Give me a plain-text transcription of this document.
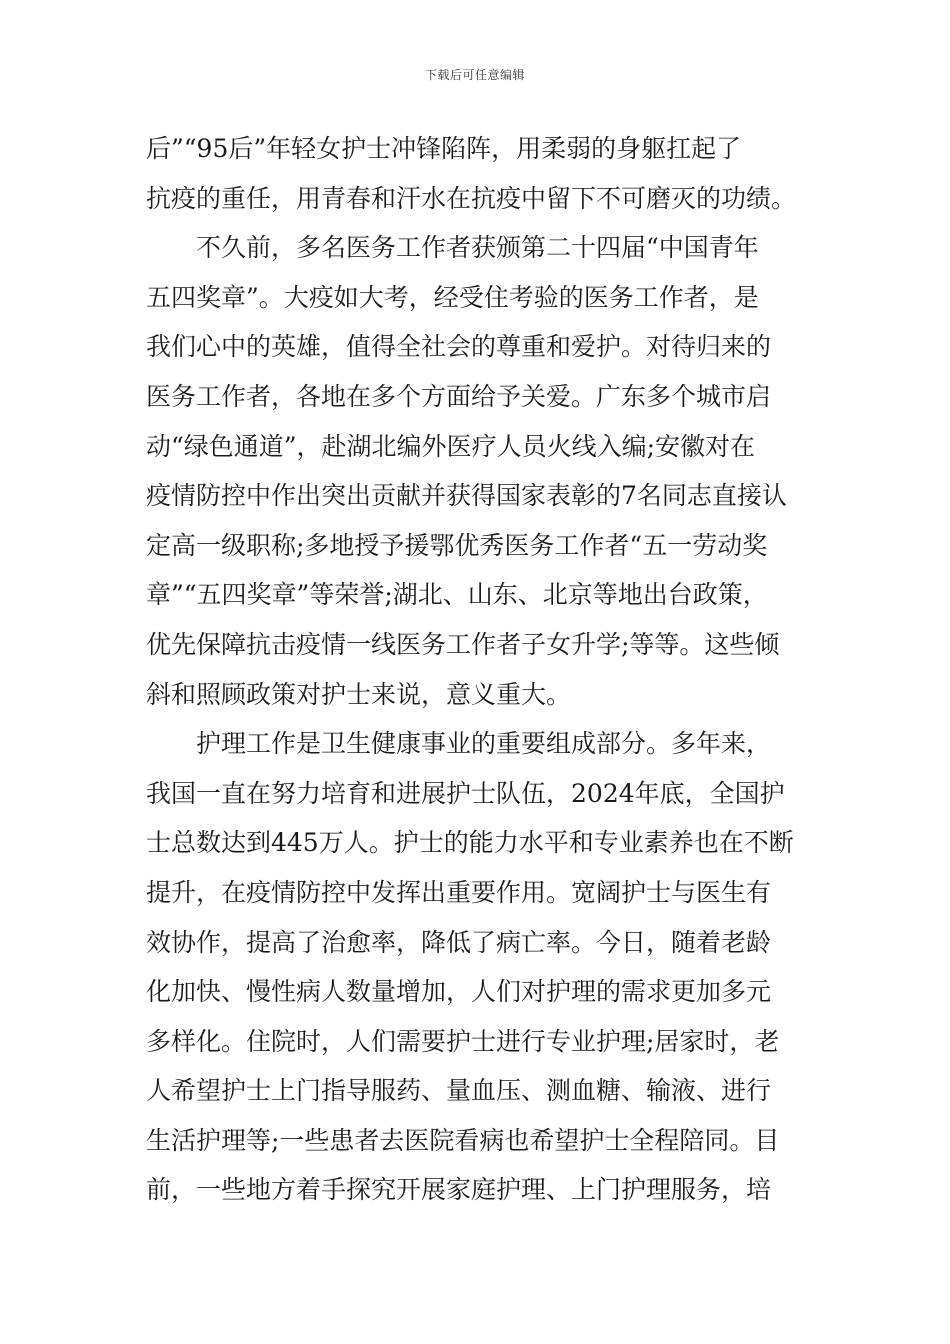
下载后可任意编辑
后”“95后”年轻女护士冲锋陷阵，用柔弱的身躯扛起了
抗疫的重任，用青春和汗水在抗疫中留下不可磨灭的功绩。
不久前，多名医务工作者获颁第二十四届“中国青年
五四奖章”。大疫如大考，经受住考验的医务工作者，是
我们心中的英雄，值得全社会的尊重和爱护。对待归来的
医务工作者，各地在多个方面给予关爱。广东多个城市启
动“绿色通道”，赴湖北编外医疗人员火线入编;安徽对在
疫情防控中作出突出贡献并获得国家表彰的7名同志直接认
定高一级职称;多地授予援鄂优秀医务工作者“五一劳动奖
章”“五四奖章”等荣誉;湖北、山东、北京等地出台政策，
优先保障抗击疫情一线医务工作者子女升学;等等。这些倾
斜和照顾政策对护士来说，意义重大。
护理工作是卫生健康事业的重要组成部分。多年来，
我国一直在努力培育和进展护士队伍，2024年底，全国护
士总数达到445万人。护士的能力水平和专业素养也在不断
提升，在疫情防控中发挥出重要作用。宽阔护士与医生有
效协作，提高了治愈率，降低了病亡率。今日，随着老龄
化加快、慢性病人数量增加，人们对护理的需求更加多元
多样化。住院时，人们需要护士进行专业护理;居家时，老
人希望护士上门指导服药、量血压、测血糖、输液、进行
生活护理等;一些患者去医院看病也希望护士全程陪同。目
前，一些地方着手探究开展家庭护理、上门护理服务，培
